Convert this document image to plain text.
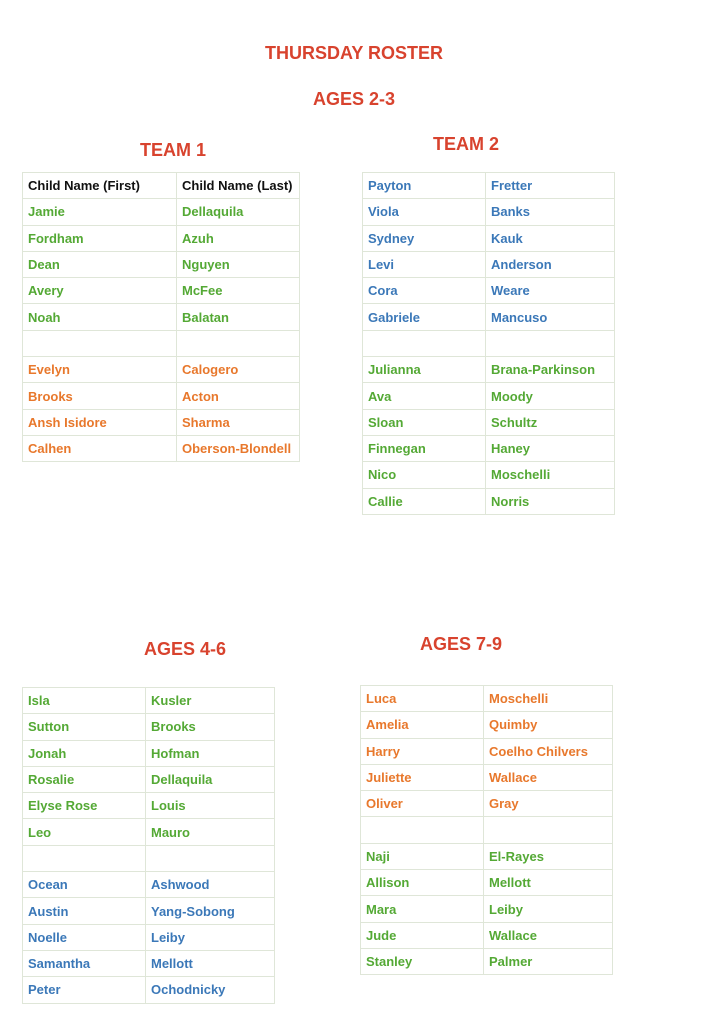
THURSDAY ROSTER
AGES 2-3
TEAM 1	TEAM 2
AGES 4-6	AGES 7-9
Child Name (First)	Child Name (Last)
Jamie	Dellaquila
Fordham	Azuh
Dean	Nguyen
Avery	McFee
Noah	Balatan

Evelyn	Calogero
Brooks	Acton
Ansh Isidore	Sharma
Calhen	Oberson-Blondell
Payton	Fretter
Viola	Banks
Sydney	Kauk
Levi	Anderson
Cora	Weare
Gabriele	Mancuso

Julianna	Brana-Parkinson
Ava	Moody
Sloan	Schultz
Finnegan	Haney
Nico	Moschelli
Callie	Norris
Isla	Kusler
Sutton	Brooks
Jonah	Hofman
Rosalie	Dellaquila
Elyse Rose	Louis
Leo	Mauro

Ocean	Ashwood
Austin	Yang-Sobong
Noelle	Leiby
Samantha	Mellott
Peter	Ochodnicky
Luca	Moschelli
Amelia	Quimby
Harry	Coelho Chilvers
Juliette	Wallace
Oliver	Gray

Naji	El-Rayes
Allison	Mellott
Mara	Leiby
Jude	Wallace
Stanley	Palmer
